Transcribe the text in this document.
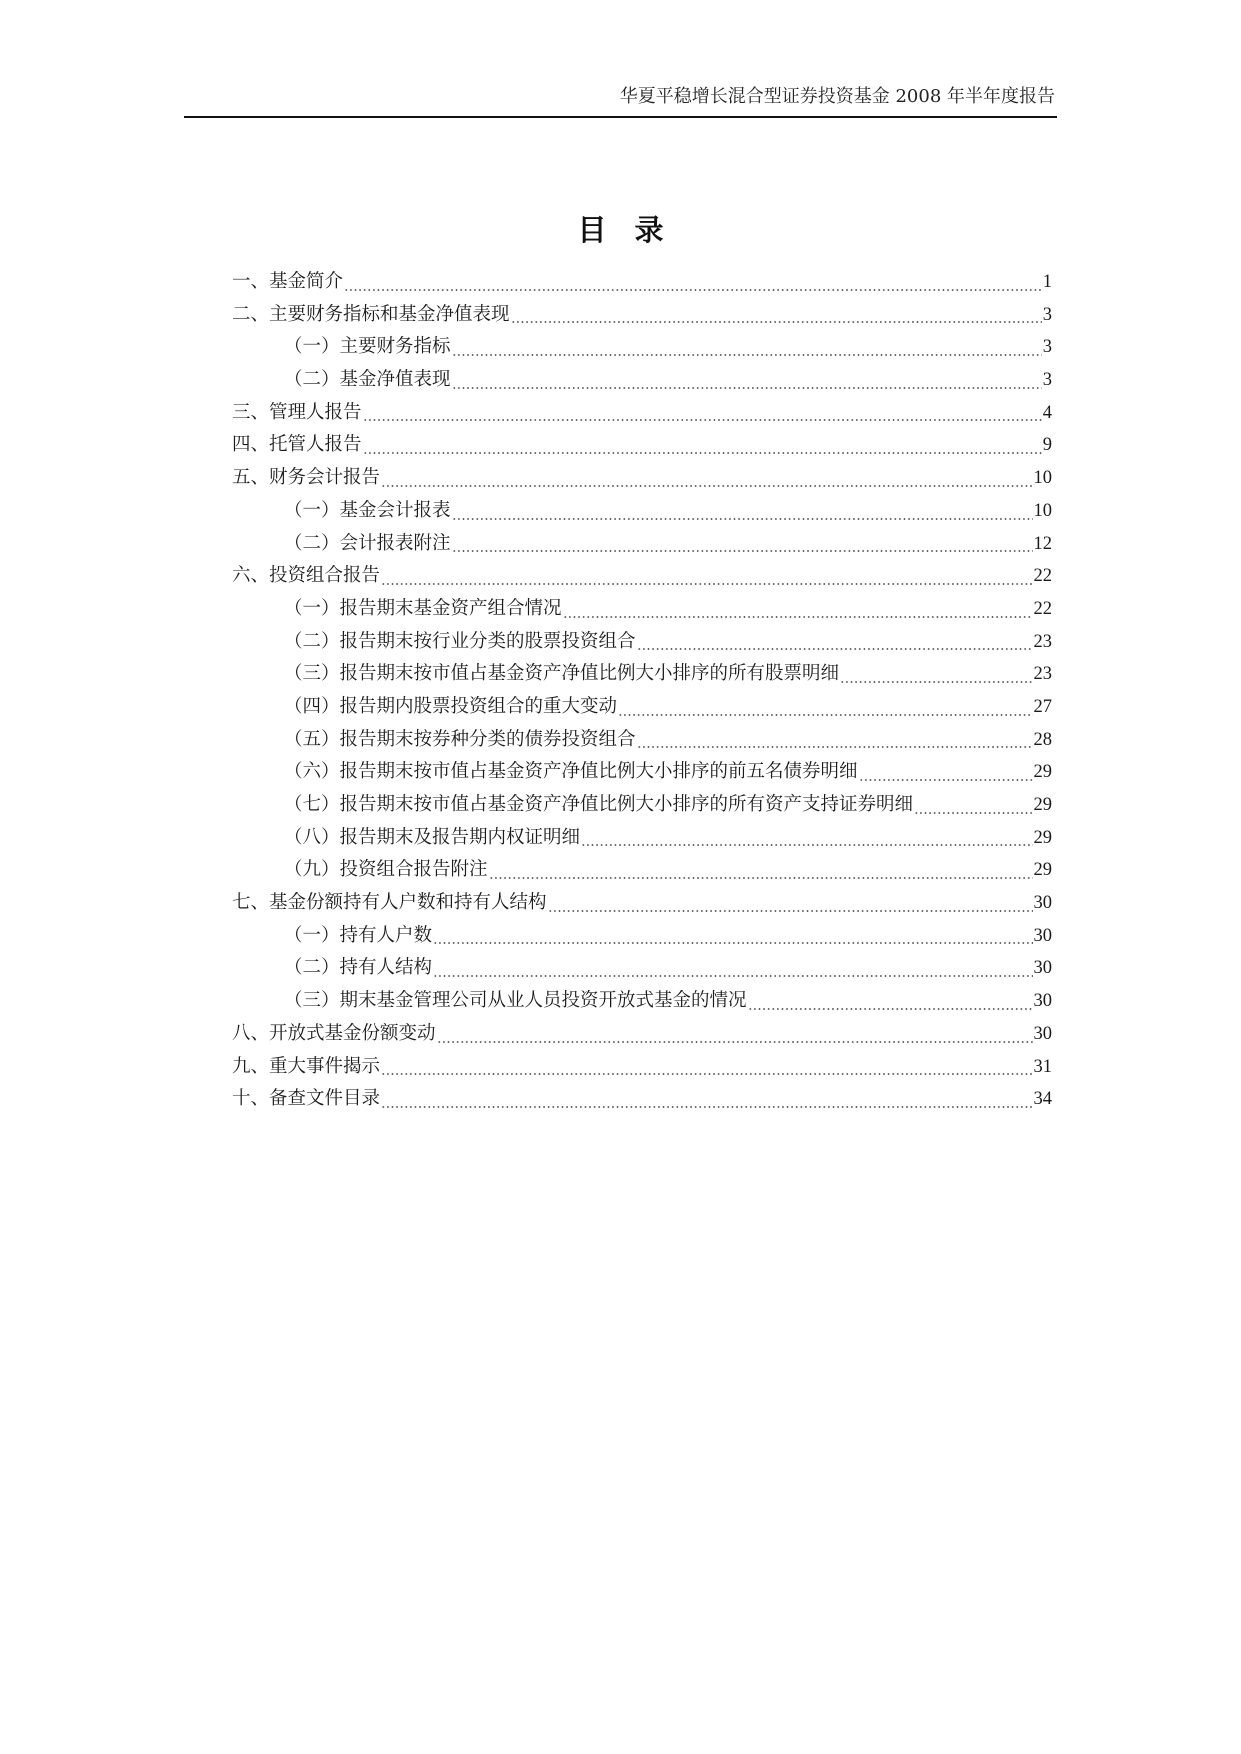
华夏平稳增长混合型证券投资基金 2008 年半年度报告
目录
一、基金简介	1
二、主要财务指标和基金净值表现	3
（一）主要财务指标	3
（二）基金净值表现	3
三、管理人报告	4
四、托管人报告	9
五、财务会计报告	10
（一）基金会计报表	10
（二）会计报表附注	12
六、投资组合报告	22
（一）报告期末基金资产组合情况	22
（二）报告期末按行业分类的股票投资组合	23
（三）报告期末按市值占基金资产净值比例大小排序的所有股票明细	23
（四）报告期内股票投资组合的重大变动	27
（五）报告期末按券种分类的债券投资组合	28
（六）报告期末按市值占基金资产净值比例大小排序的前五名债券明细	29
（七）报告期末按市值占基金资产净值比例大小排序的所有资产支持证券明细	29
（八）报告期末及报告期内权证明细	29
（九）投资组合报告附注	29
七、基金份额持有人户数和持有人结构	30
（一）持有人户数	30
（二）持有人结构	30
（三）期末基金管理公司从业人员投资开放式基金的情况	30
八、开放式基金份额变动	30
九、重大事件揭示	31
十、备查文件目录	34
